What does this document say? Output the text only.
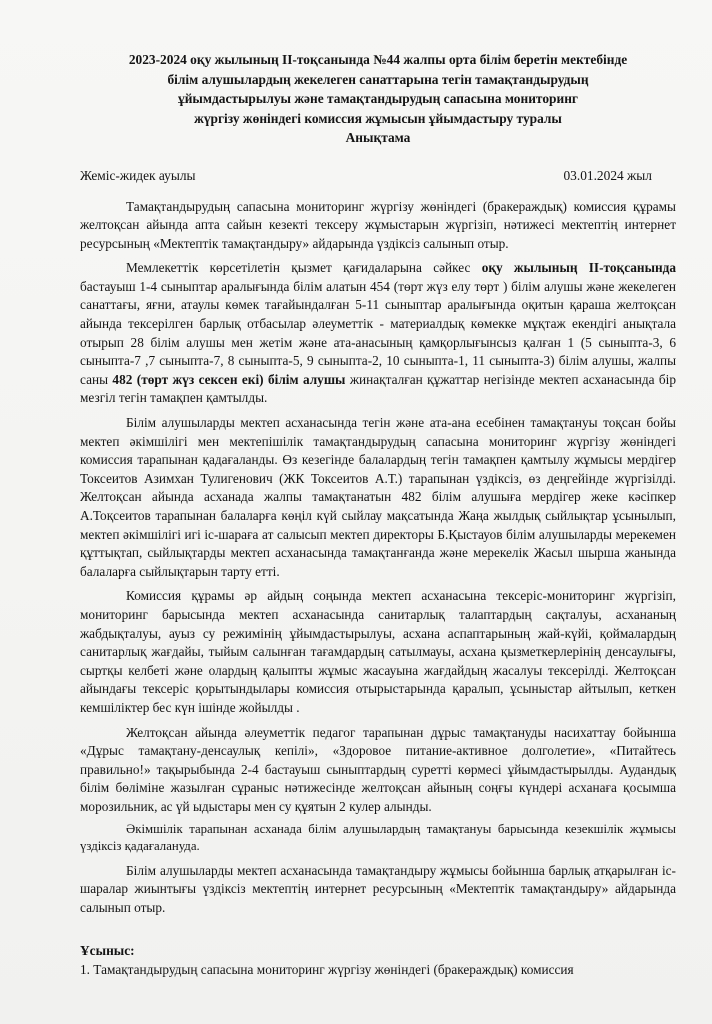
2023-2024 оқу жылының ІІ-тоқсанында №44 жалпы орта білім беретін мектебінде
білім алушылардың жекелеген санаттарына тегін тамақтандырудың
ұйымдастырылуы және тамақтандырудың сапасына мониторинг
жүргізу жөніндегі комиссия жұмысын ұйымдастыру туралы
Анықтама
Жеміс-жидек ауылы	03.01.2024 жыл

Тамақтандырудың сапасына мониторинг жүргізу жөніндегі (бракераждық) комиссия құрамы желтоқсан айында апта сайын кезекті тексеру жұмыстарын жүргізіп, нәтижесі мектептің интернет ресурсының «Мектептік тамақтандыру» айдарында үздіксіз салынып отыр.

Мемлекеттік көрсетілетін қызмет қағидаларына сәйкес оқу жылының ІІ-тоқсанында бастауыш 1-4 сыныптар аралығында білім алатын 454 (төрт жүз елу төрт ) білім алушы және жекелеген санаттағы, яғни, атаулы көмек тағайындалған 5-11 сыныптар аралығында оқитын қараша желтоқсан айында тексерілген барлық отбасылар әлеуметтік - материалдық көмекке мұқтаж екендігі анықтала отырып 28 білім алушы мен жетім және ата-анасының қамқорлығынсыз қалған 1 (5 сыныпта-3, 6 сыныпта-7 ,7 сыныпта-7, 8 сыныпта-5, 9 сыныпта-2, 10 сыныпта-1, 11 сыныпта-3) білім алушы, жалпы саны 482 (төрт жүз сексен екі) білім алушы жинақталған құжаттар негізінде мектеп асханасында бір мезгіл тегін тамақпен қамтылды.

Білім алушыларды мектеп асханасында тегін және ата-ана есебінен тамақтануы тоқсан бойы мектеп әкімшілігі мен мектепішілік тамақтандырудың сапасына мониторинг жүргізу жөніндегі комиссия тарапынан қадағаланды. Өз кезегінде балалардың тегін тамақпен қамтылу жұмысы мердігер Токсеитов Азимхан Тулигенович (ЖК Токсеитов А.Т.) тарапынан үздіксіз, өз деңгейінде жүргізілді. Желтоқсан айында асханада жалпы тамақтанатын 482 білім алушыға мердігер жеке кәсіпкер А.Тоқсеитов тарапынан балаларға көңіл күй сыйлау мақсатында Жаңа жылдық сыйлықтар ұсынылып, мектеп әкімшілігі игі іс-шараға ат салысып мектеп директоры Б.Қыстауов білім алушыларды мерекемен құттықтап, сыйлықтарды мектеп асханасында тамақтанғанда және мерекелік Жасыл шырша жанында балаларға сыйлықтарын тарту етті.

Комиссия құрамы әр айдың соңында мектеп асханасына тексеріс-мониторинг жүргізіп, мониторинг барысында мектеп асханасында санитарлық талаптардың сақталуы, асхананың жабдықталуы, ауыз су режимінің ұйымдастырылуы, асхана аспаптарының жай-күйі, қоймалардың санитарлық жағдайы, тыйым салынған тағамдардың сатылмауы, асхана қызметкерлерінің денсаулығы, сыртқы келбеті және олардың қалыпты жұмыс жасауына жағдайдың жасалуы тексерілді. Желтоқсан айындағы тексеріс қорытындылары комиссия отырыстарында қаралып, ұсыныстар айтылып, кеткен кемшіліктер бес күн ішінде жойылды .

Желтоқсан айында әлеуметтік педагог тарапынан дұрыс тамақтануды насихаттау бойынша «Дұрыс тамақтану-денсаулық кепілі», «Здоровое питание-активное долголетие», «Питайтесь правильно!» тақырыбында 2-4 бастауыш сыныптардың суретті көрмесі ұйымдастырылды. Аудандық білім бөліміне жазылған сұраныс нәтижесінде желтоқсан айының соңғы күндері асханаға қосымша морозильник, ас үй ыдыстары мен су құятын 2 кулер алынды.

Әкімшілік тарапынан асханада білім алушылардың тамақтануы барысында кезекшілік жұмысы үздіксіз қадағалануда.

Білім алушыларды мектеп асханасында тамақтандыру жұмысы бойынша барлық атқарылған іс-шаралар жиынтығы үздіксіз мектептің интернет ресурсының «Мектептік тамақтандыру» айдарында салынып отыр.

Ұсыныс:
1. Тамақтандырудың сапасына мониторинг жүргізу жөніндегі (бракераждық) комиссия
